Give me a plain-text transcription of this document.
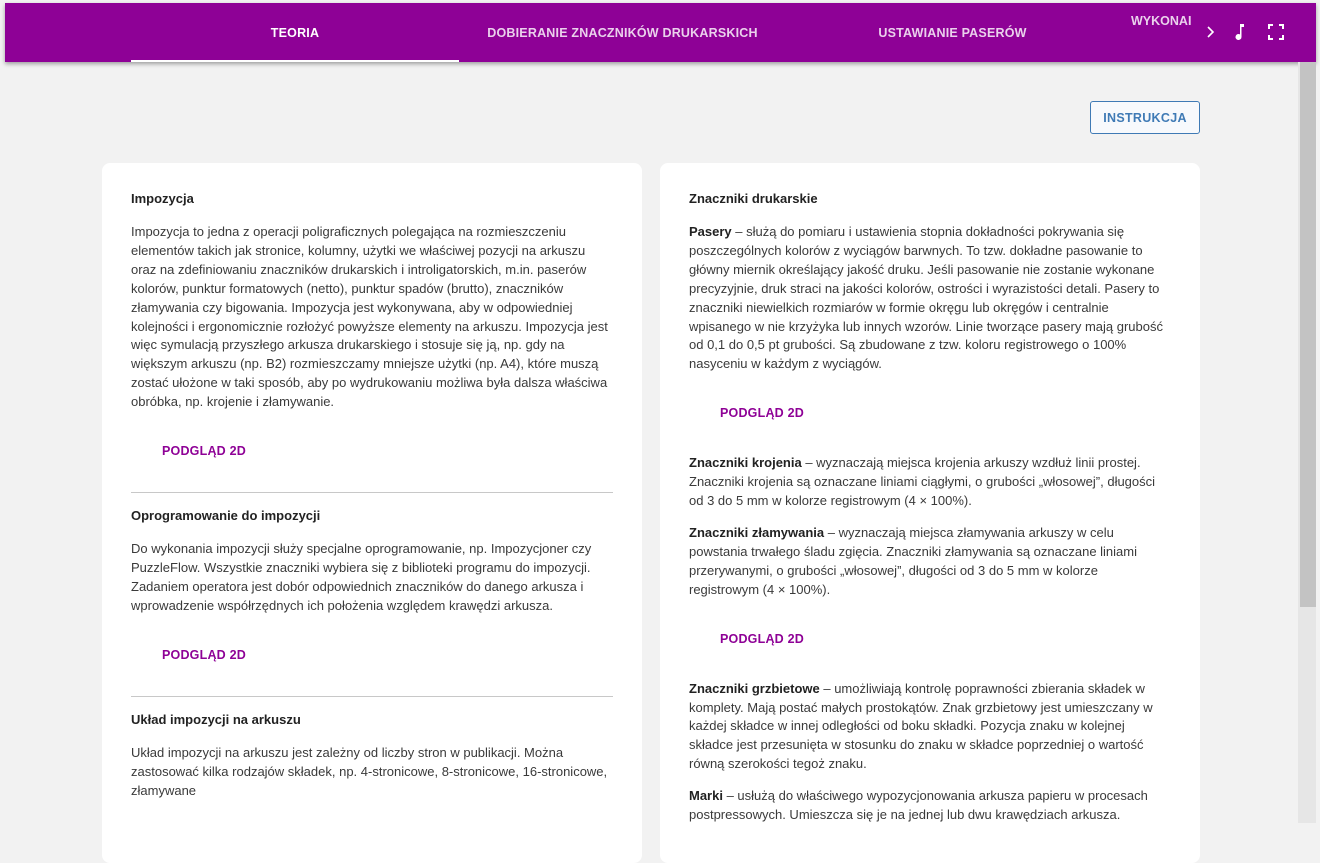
TEORIA	DOBIERANIE ZNACZNIKÓW DRUKARSKICH	USTAWIANIE PASERÓW
WYKONAI
INSTRUKCJA
Impozycja

Impozycja to jedna z operacji poligraficznych polegająca na rozmieszczeniu elementów takich jak stronice, kolumny, użytki we właściwej pozycji na arkuszu oraz na zdefiniowaniu znaczników drukarskich i introligatorskich, m.in. paserów kolorów, punktur formatowych (netto), punktur spadów (brutto), znaczników złamywania czy bigowania. Impozycja jest wykonywana, aby w odpowiedniej kolejności i ergonomicznie rozłożyć powyższe elementy na arkuszu. Impozycja jest więc symulacją przyszłego arkusza drukarskiego i stosuje się ją, np. gdy na większym arkuszu (np. B2) rozmieszczamy mniejsze użytki (np. A4), które muszą zostać ułożone w taki sposób, aby po wydrukowaniu możliwa była dalsza właściwa obróbka, np. krojenie i złamywanie.

PODGLĄD 2D
Oprogramowanie do impozycji

Do wykonania impozycji służy specjalne oprogramowanie, np. Impozycjoner czy PuzzleFlow. Wszystkie znaczniki wybiera się z biblioteki programu do impozycji. Zadaniem operatora jest dobór odpowiednich znaczników do danego arkusza i wprowadzenie współrzędnych ich położenia względem krawędzi arkusza.

PODGLĄD 2D
Układ impozycji na arkuszu

Układ impozycji na arkuszu jest zależny od liczby stron w publikacji. Można zastosować kilka rodzajów składek, np. 4-stronicowe, 8-stronicowe, 16-stronicowe, złamywane

Znaczniki drukarskie

Pasery – służą do pomiaru i ustawienia stopnia dokładności pokrywania się poszczególnych kolorów z wyciągów barwnych. To tzw. dokładne pasowanie to główny miernik określający jakość druku. Jeśli pasowanie nie zostanie wykonane precyzyjnie, druk straci na jakości kolorów, ostrości i wyrazistości detali. Pasery to znaczniki niewielkich rozmiarów w formie okręgu lub okręgów i centralnie wpisanego w nie krzyżyka lub innych wzorów. Linie tworzące pasery mają grubość od 0,1 do 0,5 pt grubości. Są zbudowane z tzw. koloru registrowego o 100% nasyceniu w każdym z wyciągów.

PODGLĄD 2D

Znaczniki krojenia – wyznaczają miejsca krojenia arkuszy wzdłuż linii prostej. Znaczniki krojenia są oznaczane liniami ciągłymi, o grubości „włosowej”, długości od 3 do 5 mm w kolorze registrowym (4 × 100%).

Znaczniki złamywania – wyznaczają miejsca złamywania arkuszy w celu powstania trwałego śladu zgięcia. Znaczniki złamywania są oznaczane liniami przerywanymi, o grubości „włosowej”, długości od 3 do 5 mm w kolorze registrowym (4 × 100%).

PODGLĄD 2D

Znaczniki grzbietowe – umożliwiają kontrolę poprawności zbierania składek w komplety. Mają postać małych prostokątów. Znak grzbietowy jest umieszczany w każdej składce w innej odległości od boku składki. Pozycja znaku w kolejnej składce jest przesunięta w stosunku do znaku w składce poprzedniej o wartość równą szerokości tegoż znaku.

Marki – usłużą do właściwego wypozycjonowania arkusza papieru w procesach postpressowych. Umieszcza się je na jednej lub dwu krawędziach arkusza.
